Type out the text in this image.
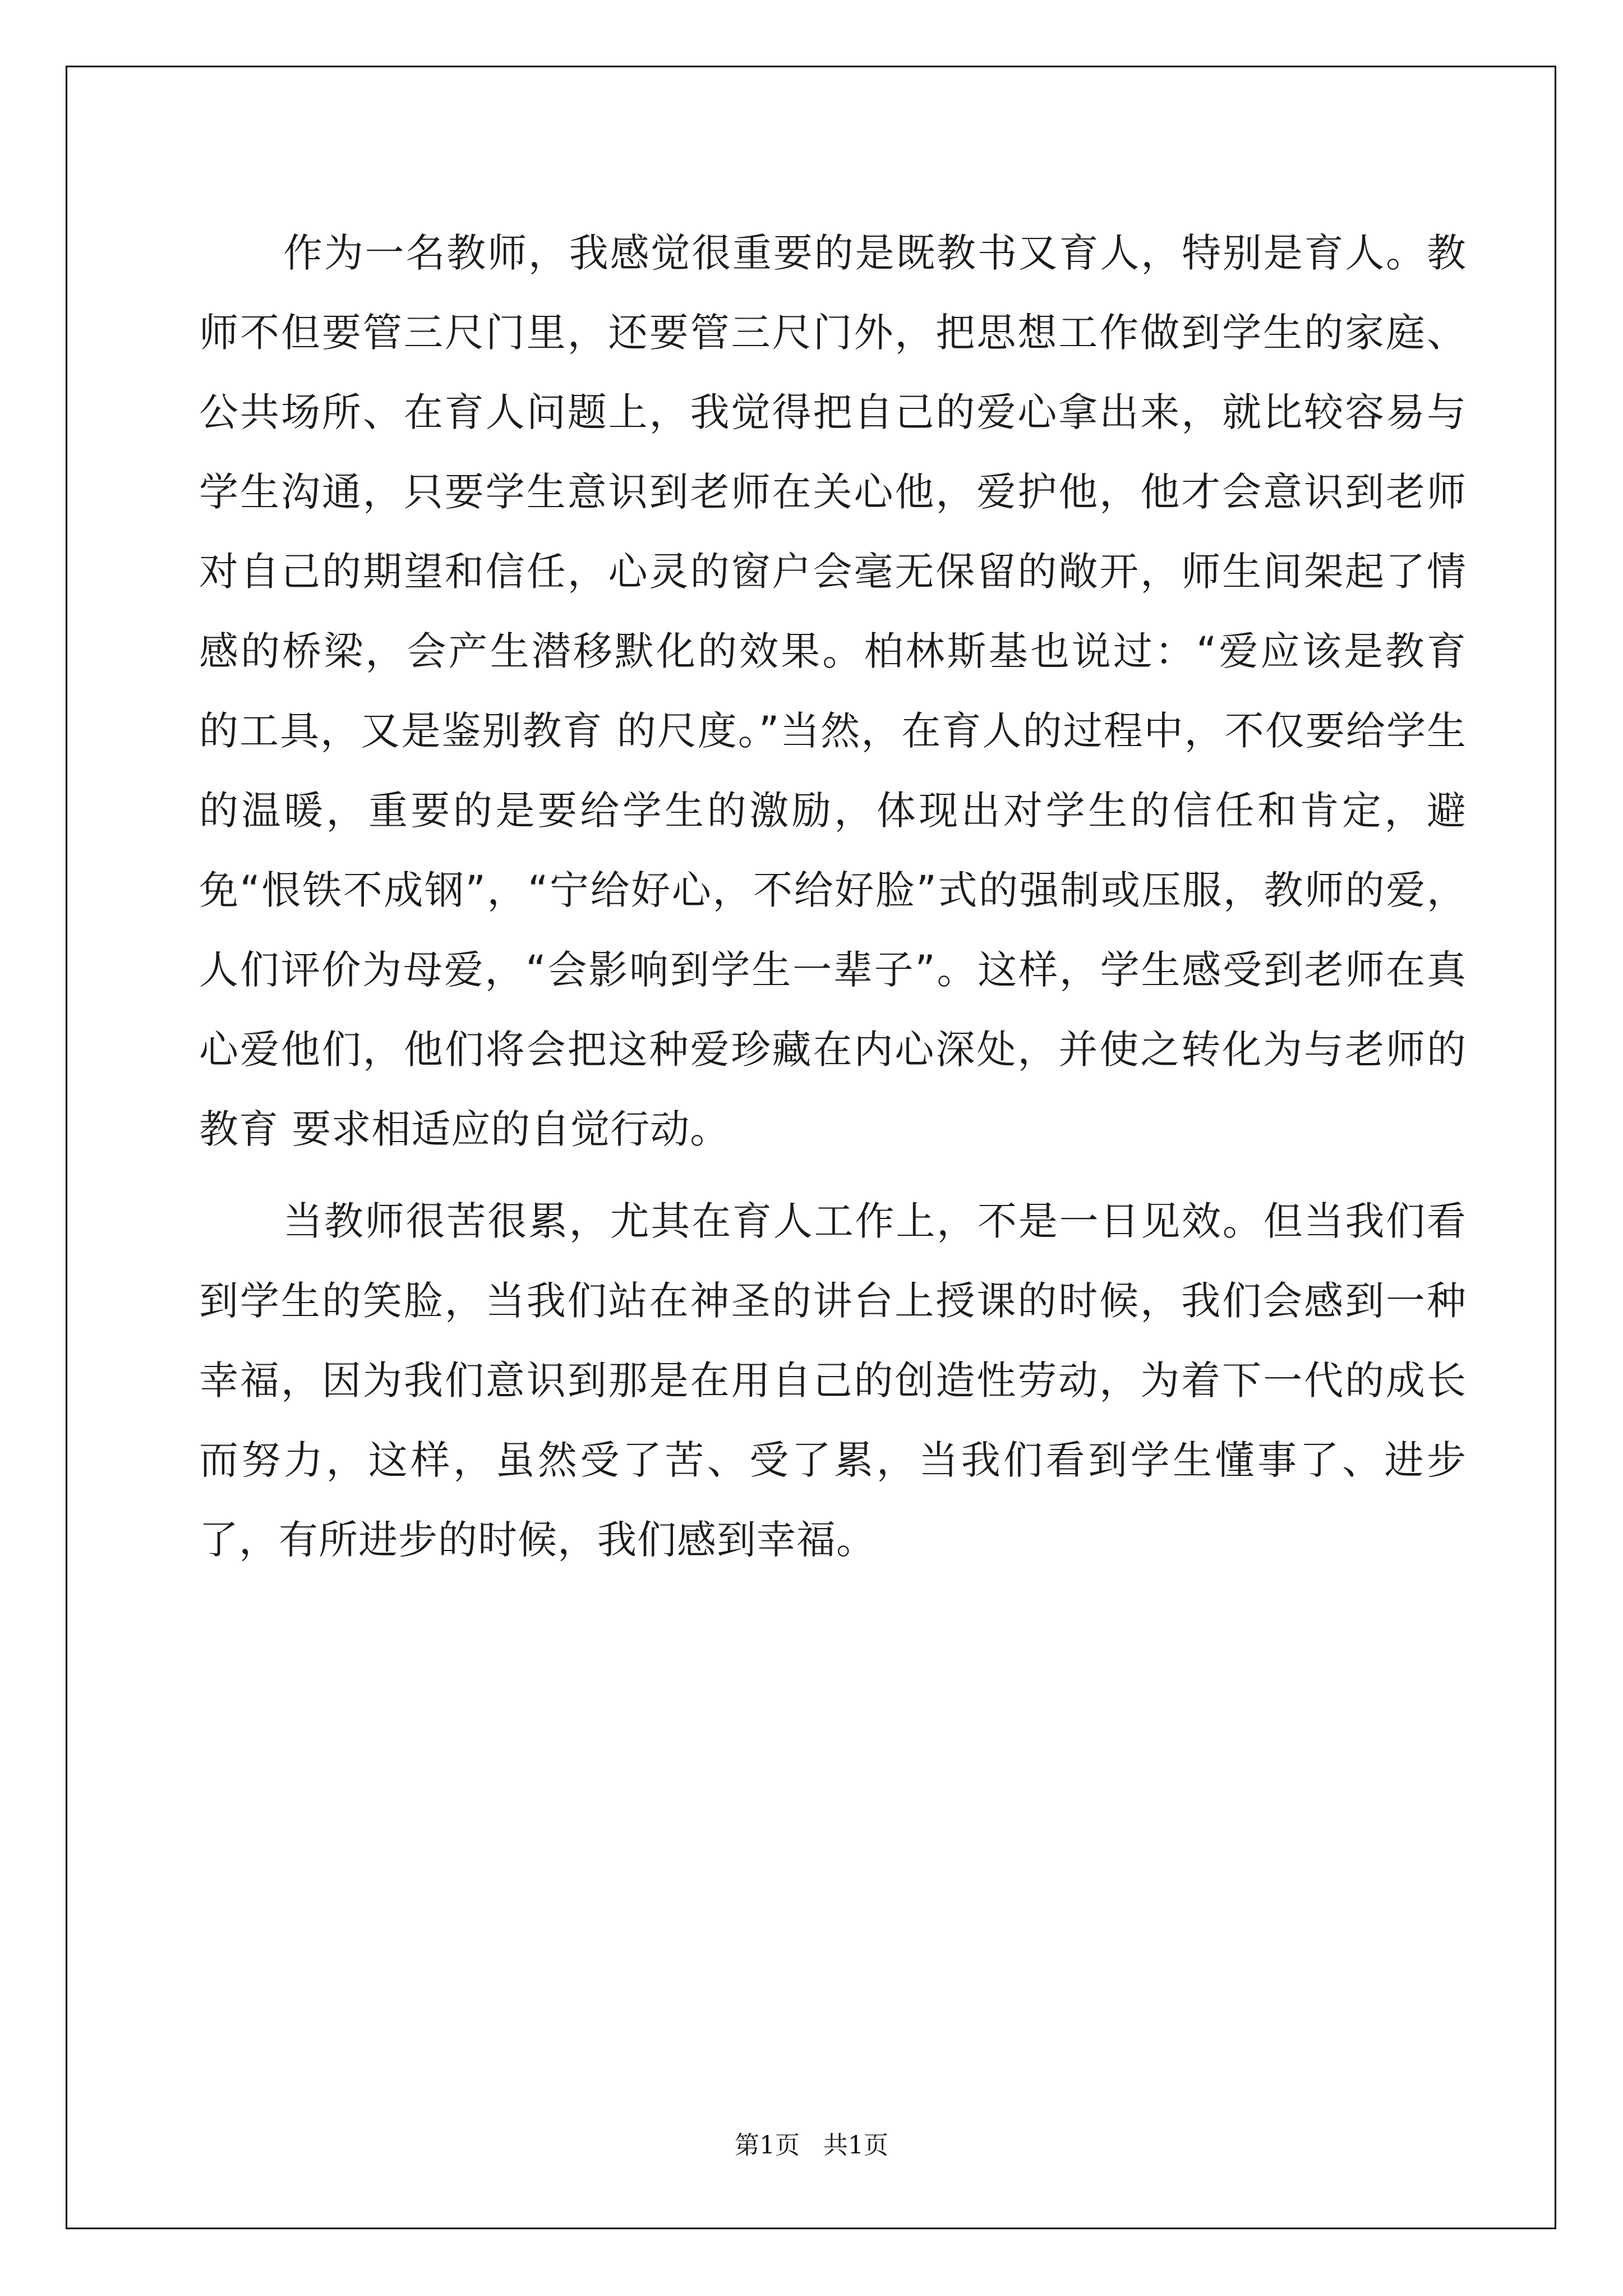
作为一名教师，我感觉很重要的是既教书又育人，特别是育人。教师不但要管三尺门里，还要管三尺门外，把思想工作做到学生的家庭、公共场所、在育人问题上，我觉得把自己的爱心拿出来，就比较容易与学生沟通，只要学生意识到老师在关心他，爱护他，他才会意识到老师对自己的期望和信任，心灵的窗户会毫无保留的敞开，师生间架起了情感的桥梁，会产生潜移默化的效果。柏林斯基也说过：“爱应该是教育 的工具，又是鉴别教育 的尺度。”当然，在育人的过程中，不仅要给学生的温暖，重要的是要给学生的激励，体现出对学生的信任和肯定，避免“恨铁不成钢”，“宁给好心，不给好脸”式的强制或压服，教师的爱，人们评价为母爱，“会影响到学生一辈子”。这样，学生感受到老师在真心爱他们，他们将会把这种爱珍藏在内心深处，并使之转化为与老师的教育 要求相适应的自觉行动。

当教师很苦很累，尤其在育人工作上，不是一日见效。但当我们看到学生的笑脸，当我们站在神圣的讲台上授课的时候，我们会感到一种幸福，因为我们意识到那是在用自己的创造性劳动，为着下一代的成长而努力，这样，虽然受了苦、受了累，当我们看到学生懂事了、进步了，有所进步的时候，我们感到幸福。

第1页 共1页
